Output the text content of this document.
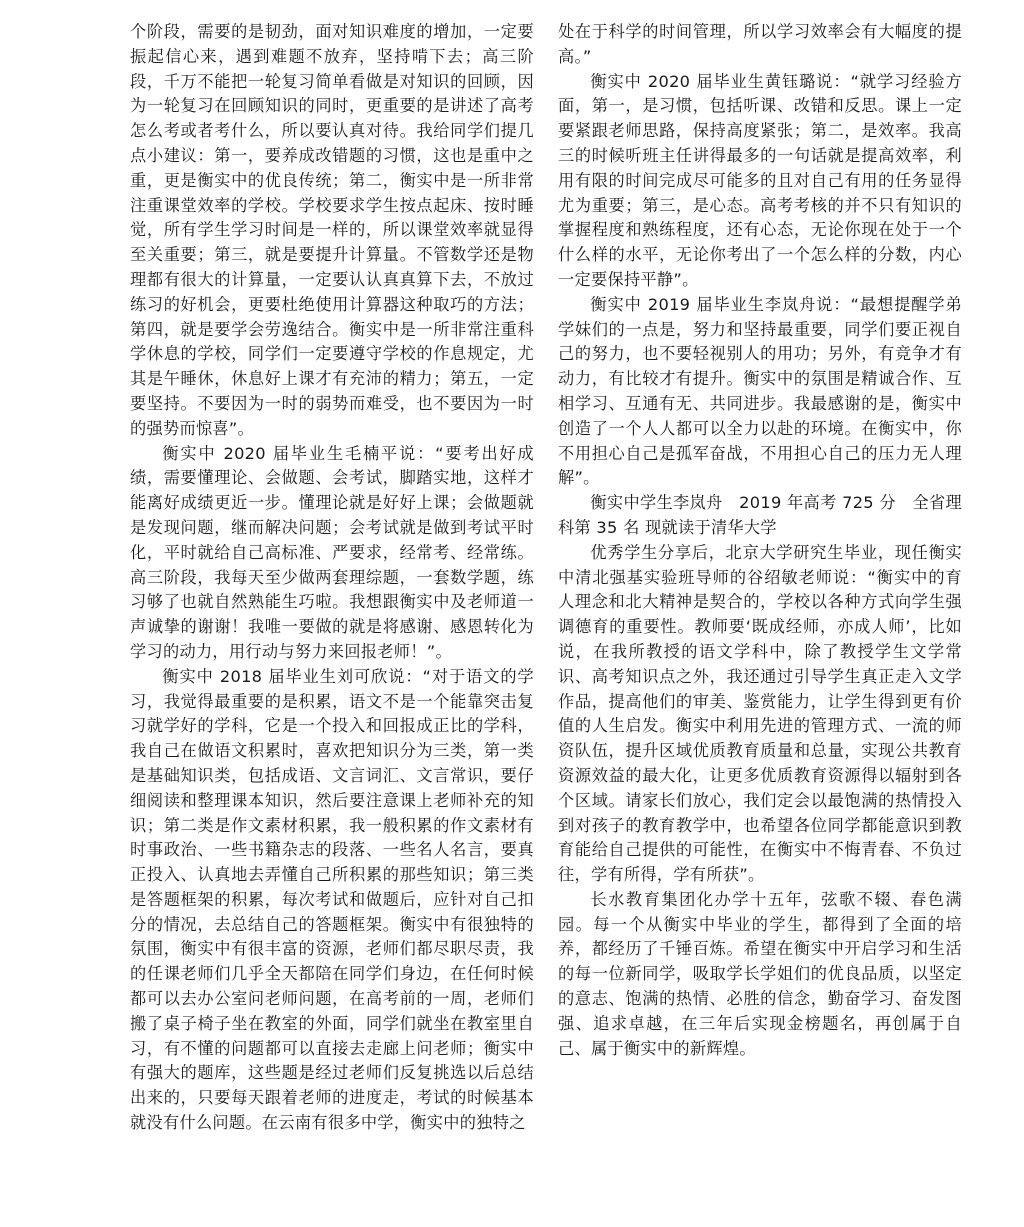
个阶段，需要的是韧劲，面对知识难度的增加，一定要振起信心来，遇到难题不放弃，坚持啃下去；高三阶段，千万不能把一轮复习简单看做是对知识的回顾，因为一轮复习在回顾知识的同时，更重要的是讲述了高考怎么考或者考什么，所以要认真对待。我给同学们提几点小建议：第一，要养成改错题的习惯，这也是重中之重，更是衡实中的优良传统；第二，衡实中是一所非常注重课堂效率的学校。学校要求学生按点起床、按时睡觉，所有学生学习时间是一样的，所以课堂效率就显得至关重要；第三，就是要提升计算量。不管数学还是物理都有很大的计算量，一定要认认真真算下去，不放过练习的好机会，更要杜绝使用计算器这种取巧的方法；第四，就是要学会劳逸结合。衡实中是一所非常注重科学休息的学校，同学们一定要遵守学校的作息规定，尤其是午睡休，休息好上课才有充沛的精力；第五，一定要坚持。不要因为一时的弱势而难受，也不要因为一时的强势而惊喜”。

衡实中 2020 届毕业生毛楠平说：“要考出好成绩，需要懂理论、会做题、会考试，脚踏实地，这样才能离好成绩更近一步。懂理论就是好好上课；会做题就是发现问题，继而解决问题；会考试就是做到考试平时化，平时就给自己高标准、严要求，经常考、经常练。高三阶段，我每天至少做两套理综题，一套数学题，练习够了也就自然熟能生巧啦。我想跟衡实中及老师道一声诚挚的谢谢！我唯一要做的就是将感谢、感恩转化为学习的动力，用行动与努力来回报老师！”。

衡实中 2018 届毕业生刘可欣说：“对于语文的学习，我觉得最重要的是积累，语文不是一个能靠突击复习就学好的学科，它是一个投入和回报成正比的学科，我自己在做语文积累时，喜欢把知识分为三类，第一类是基础知识类，包括成语、文言词汇、文言常识，要仔细阅读和整理课本知识，然后要注意课上老师补充的知识；第二类是作文素材积累，我一般积累的作文素材有时事政治、一些书籍杂志的段落、一些名人名言，要真正投入、认真地去弄懂自己所积累的那些知识；第三类是答题框架的积累，每次考试和做题后，应针对自己扣分的情况，去总结自己的答题框架。衡实中有很独特的氛围，衡实中有很丰富的资源，老师们都尽职尽责，我的任课老师们几乎全天都陪在同学们身边，在任何时候都可以去办公室问老师问题，在高考前的一周，老师们搬了桌子椅子坐在教室的外面，同学们就坐在教室里自习，有不懂的问题都可以直接去走廊上问老师；衡实中有强大的题库，这些题是经过老师们反复挑选以后总结出来的，只要每天跟着老师的进度走，考试的时候基本就没有什么问题。在云南有很多中学，衡实中的独特之

处在于科学的时间管理，所以学习效率会有大幅度的提高。”

衡实中 2020 届毕业生黄钰璐说：“就学习经验方面，第一，是习惯，包括听课、改错和反思。课上一定要紧跟老师思路，保持高度紧张；第二，是效率。我高三的时候听班主任讲得最多的一句话就是提高效率，利用有限的时间完成尽可能多的且对自己有用的任务显得尤为重要；第三，是心态。高考考核的并不只有知识的掌握程度和熟练程度，还有心态，无论你现在处于一个什么样的水平，无论你考出了一个怎么样的分数，内心一定要保持平静”。

衡实中 2019 届毕业生李岚舟说：“最想提醒学弟学妹们的一点是，努力和坚持最重要，同学们要正视自己的努力，也不要轻视别人的用功；另外，有竞争才有动力，有比较才有提升。衡实中的氛围是精诚合作、互相学习、互通有无、共同进步。我最感谢的是，衡实中创造了一个人人都可以全力以赴的环境。在衡实中，你不用担心自己是孤军奋战，不用担心自己的压力无人理解”。

衡实中学生李岚舟　2019 年高考 725 分　全省理科第 35 名 现就读于清华大学

优秀学生分享后，北京大学研究生毕业，现任衡实中清北强基实验班导师的谷绍敏老师说：“衡实中的育人理念和北大精神是契合的，学校以各种方式向学生强调德育的重要性。教师要‘既成经师，亦成人师’，比如说，在我所教授的语文学科中，除了教授学生文学常识、高考知识点之外，我还通过引导学生真正走入文学作品，提高他们的审美、鉴赏能力，让学生得到更有价值的人生启发。衡实中利用先进的管理方式、一流的师资队伍，提升区域优质教育质量和总量，实现公共教育资源效益的最大化，让更多优质教育资源得以辐射到各个区域。请家长们放心，我们定会以最饱满的热情投入到对孩子的教育教学中，也希望各位同学都能意识到教育能给自己提供的可能性，在衡实中不悔青春、不负过往，学有所得，学有所获”。

长水教育集团化办学十五年，弦歌不辍、春色满园。每一个从衡实中毕业的学生，都得到了全面的培养，都经历了千锤百炼。希望在衡实中开启学习和生活的每一位新同学，吸取学长学姐们的优良品质，以坚定的意志、饱满的热情、必胜的信念，勤奋学习、奋发图强、追求卓越，在三年后实现金榜题名，再创属于自己、属于衡实中的新辉煌。
